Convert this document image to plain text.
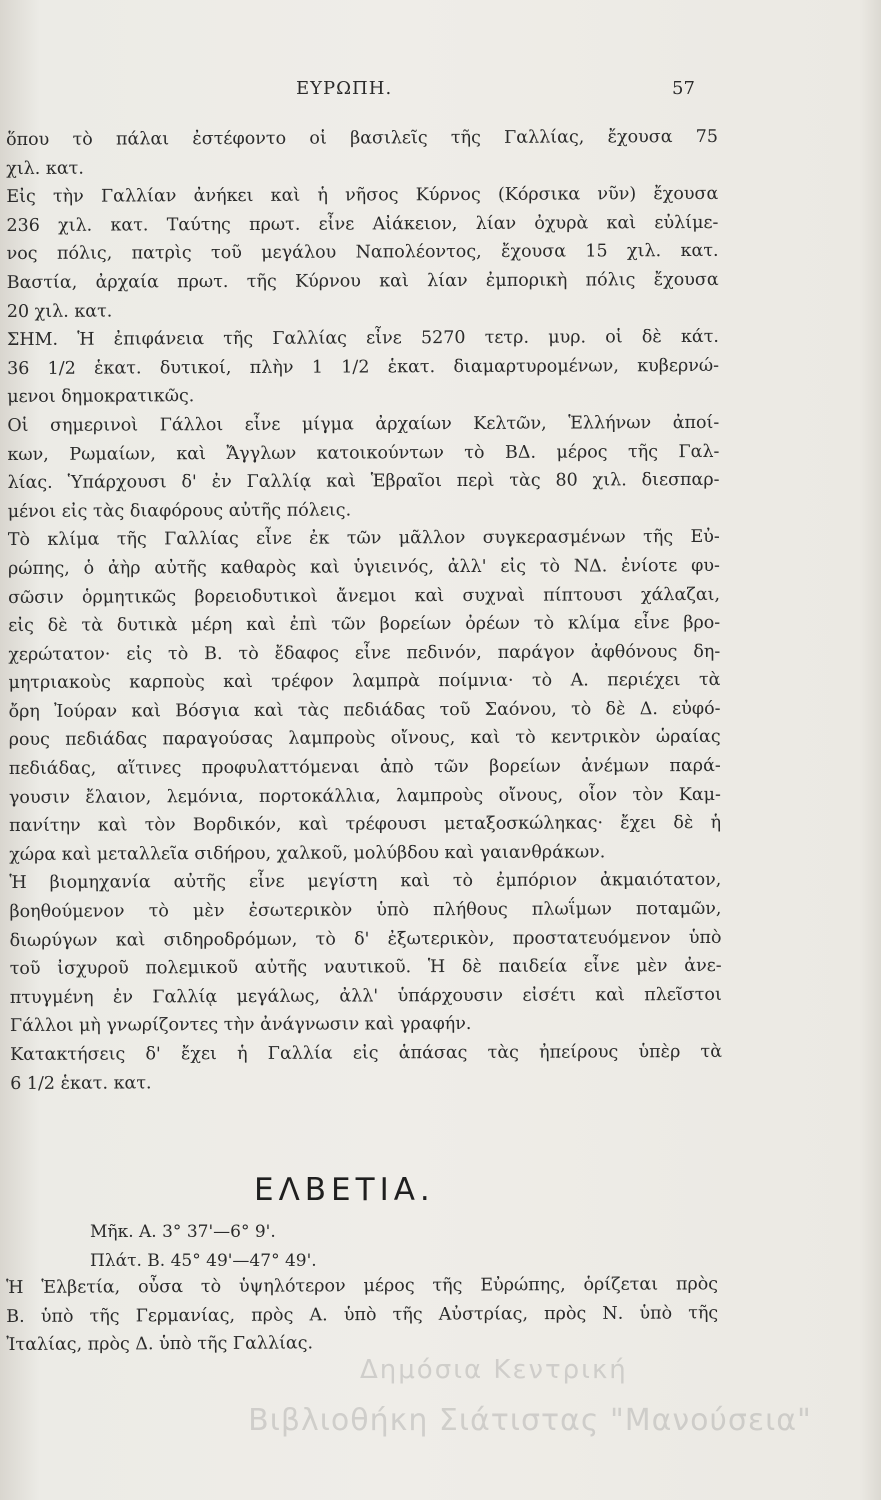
ΕΥΡΩΠΗ.	57
ὅπου τὸ πάλαι ἐστέφοντο οἱ βασιλεῖς τῆς Γαλλίας, ἔχουσα 75
χιλ. κατ.
Εἰς τὴν Γαλλίαν ἀνήκει καὶ ἡ νῆσος Κύρνος (Κόρσικα νῦν) ἔχουσα
236 χιλ. κατ. Ταύτης πρωτ. εἶνε Αἰάκειον, λίαν ὀχυρὰ καὶ εὐλίμε-
νος πόλις, πατρὶς τοῦ μεγάλου Ναπολέοντος, ἔχουσα 15 χιλ. κατ.
Βαστία, ἀρχαία πρωτ. τῆς Κύρνου καὶ λίαν ἐμπορικὴ πόλις ἔχουσα
20 χιλ. κατ.
ΣΗΜ. Ἡ ἐπιφάνεια τῆς Γαλλίας εἶνε 5270 τετρ. μυρ. οἱ δὲ κάτ.
36 1/2 ἑκατ. δυτικοί, πλὴν 1 1/2 ἑκατ. διαμαρτυρομένων, κυβερνώ-
μενοι δημοκρατικῶς.
Οἱ σημερινοὶ Γάλλοι εἶνε μίγμα ἀρχαίων Κελτῶν, Ἑλλήνων ἀποί-
κων, Ρωμαίων, καὶ Ἄγγλων κατοικούντων τὸ ΒΔ. μέρος τῆς Γαλ-
λίας. Ὑπάρχουσι δ' ἐν Γαλλίᾳ καὶ Ἑβραῖοι περὶ τὰς 80 χιλ. διεσπαρ-
μένοι εἰς τὰς διαφόρους αὐτῆς πόλεις.
Τὸ κλίμα τῆς Γαλλίας εἶνε ἐκ τῶν μᾶλλον συγκερασμένων τῆς Εὐ-
ρώπης, ὁ ἀὴρ αὐτῆς καθαρὸς καὶ ὑγιεινός, ἀλλ' εἰς τὸ ΝΔ. ἐνίοτε φυ-
σῶσιν ὁρμητικῶς βορειοδυτικοὶ ἄνεμοι καὶ συχναὶ πίπτουσι χάλαζαι,
εἰς δὲ τὰ δυτικὰ μέρη καὶ ἐπὶ τῶν βορείων ὀρέων τὸ κλίμα εἶνε βρο-
χερώτατον· εἰς τὸ Β. τὸ ἔδαφος εἶνε πεδινόν, παράγον ἀφθόνους δη-
μητριακοὺς καρποὺς καὶ τρέφον λαμπρὰ ποίμνια· τὸ Α. περιέχει τὰ
ὄρη Ἰούραν καὶ Βόσγια καὶ τὰς πεδιάδας τοῦ Σαόνου, τὸ δὲ Δ. εὐφό-
ρους πεδιάδας παραγούσας λαμπροὺς οἴνους, καὶ τὸ κεντρικὸν ὡραίας
πεδιάδας, αἵτινες προφυλαττόμεναι ἀπὸ τῶν βορείων ἀνέμων παρά-
γουσιν ἔλαιον, λεμόνια, πορτοκάλλια, λαμπροὺς οἴνους, οἷον τὸν Καμ-
πανίτην καὶ τὸν Βορδικόν, καὶ τρέφουσι μεταξοσκώληκας· ἔχει δὲ ἡ
χώρα καὶ μεταλλεῖα σιδήρου, χαλκοῦ, μολύβδου καὶ γαιανθράκων.
Ἡ βιομηχανία αὐτῆς εἶνε μεγίστη καὶ τὸ ἐμπόριον ἀκμαιότατον,
βοηθούμενον τὸ μὲν ἐσωτερικὸν ὑπὸ πλήθους πλωΐμων ποταμῶν,
διωρύγων καὶ σιδηροδρόμων, τὸ δ' ἐξωτερικὸν, προστατευόμενον ὑπὸ
τοῦ ἰσχυροῦ πολεμικοῦ αὐτῆς ναυτικοῦ. Ἡ δὲ παιδεία εἶνε μὲν ἀνε-
πτυγμένη ἐν Γαλλίᾳ μεγάλως, ἀλλ' ὑπάρχουσιν εἰσέτι καὶ πλεῖστοι
Γάλλοι μὴ γνωρίζοντες τὴν ἀνάγνωσιν καὶ γραφήν.
Κατακτήσεις δ' ἔχει ἡ Γαλλία εἰς ἁπάσας τὰς ἠπείρους ὑπὲρ τὰ
6 1/2 ἑκατ. κατ.
ΕΛΒΕΤΙΑ.
Μῆκ. Α. 3° 37'—6° 9'.
Πλάτ. Β. 45° 49'—47° 49'.
Ἡ Ἑλβετία, οὖσα τὸ ὑψηλότερον μέρος τῆς Εὐρώπης, ὁρίζεται πρὸς
Β. ὑπὸ τῆς Γερμανίας, πρὸς Α. ὑπὸ τῆς Αὐστρίας, πρὸς Ν. ὑπὸ τῆς
Ἰταλίας, πρὸς Δ. ὑπὸ τῆς Γαλλίας.
Δημόσια Κεντρική
Βιβλιοθήκη Σιάτιστας "Μανούσεια"
